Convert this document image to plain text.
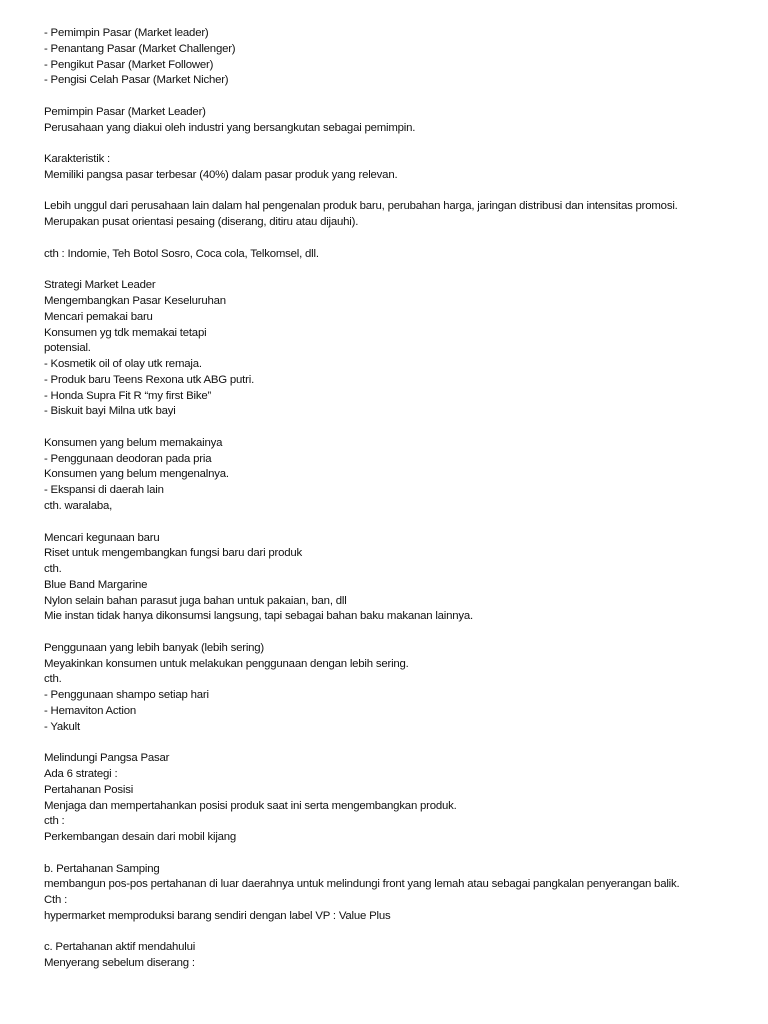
- Pemimpin Pasar (Market leader)
- Penantang Pasar (Market Challenger)
- Pengikut Pasar (Market Follower)
- Pengisi Celah Pasar (Market Nicher)
Pemimpin Pasar (Market Leader)
Perusahaan yang diakui oleh industri yang bersangkutan sebagai pemimpin.
Karakteristik :
Memiliki pangsa pasar terbesar (40%) dalam pasar produk yang relevan.
Lebih unggul dari perusahaan lain dalam hal pengenalan produk baru, perubahan harga, jaringan distribusi dan intensitas promosi.
Merupakan pusat orientasi pesaing (diserang, ditiru atau dijauhi).
cth : Indomie, Teh Botol Sosro, Coca cola, Telkomsel, dll.
Strategi Market Leader
Mengembangkan Pasar Keseluruhan
Mencari pemakai baru
Konsumen yg tdk memakai tetapi
potensial.
- Kosmetik oil of olay utk remaja.
- Produk baru Teens Rexona utk ABG putri.
- Honda Supra Fit R “my first Bike”
- Biskuit bayi Milna utk bayi
Konsumen yang belum memakainya
- Penggunaan deodoran pada pria
Konsumen yang belum mengenalnya.
- Ekspansi di daerah lain
cth. waralaba,
Mencari kegunaan baru
Riset untuk mengembangkan fungsi baru dari produk
cth.
Blue Band Margarine
Nylon selain bahan parasut juga bahan untuk pakaian, ban, dll
Mie instan tidak hanya dikonsumsi langsung, tapi sebagai bahan baku makanan lainnya.
Penggunaan yang lebih banyak (lebih sering)
Meyakinkan konsumen untuk melakukan penggunaan dengan lebih sering.
cth.
- Penggunaan shampo setiap hari
- Hemaviton Action
- Yakult
Melindungi Pangsa Pasar
Ada 6 strategi :
Pertahanan Posisi
Menjaga dan mempertahankan posisi produk saat ini serta mengembangkan produk.
cth :
Perkembangan desain dari mobil kijang
b. Pertahanan Samping
membangun pos-pos pertahanan di luar daerahnya untuk melindungi front yang lemah atau sebagai pangkalan penyerangan balik.
Cth :
hypermarket memproduksi barang sendiri dengan label VP : Value Plus
c. Pertahanan aktif mendahului
Menyerang sebelum diserang :
